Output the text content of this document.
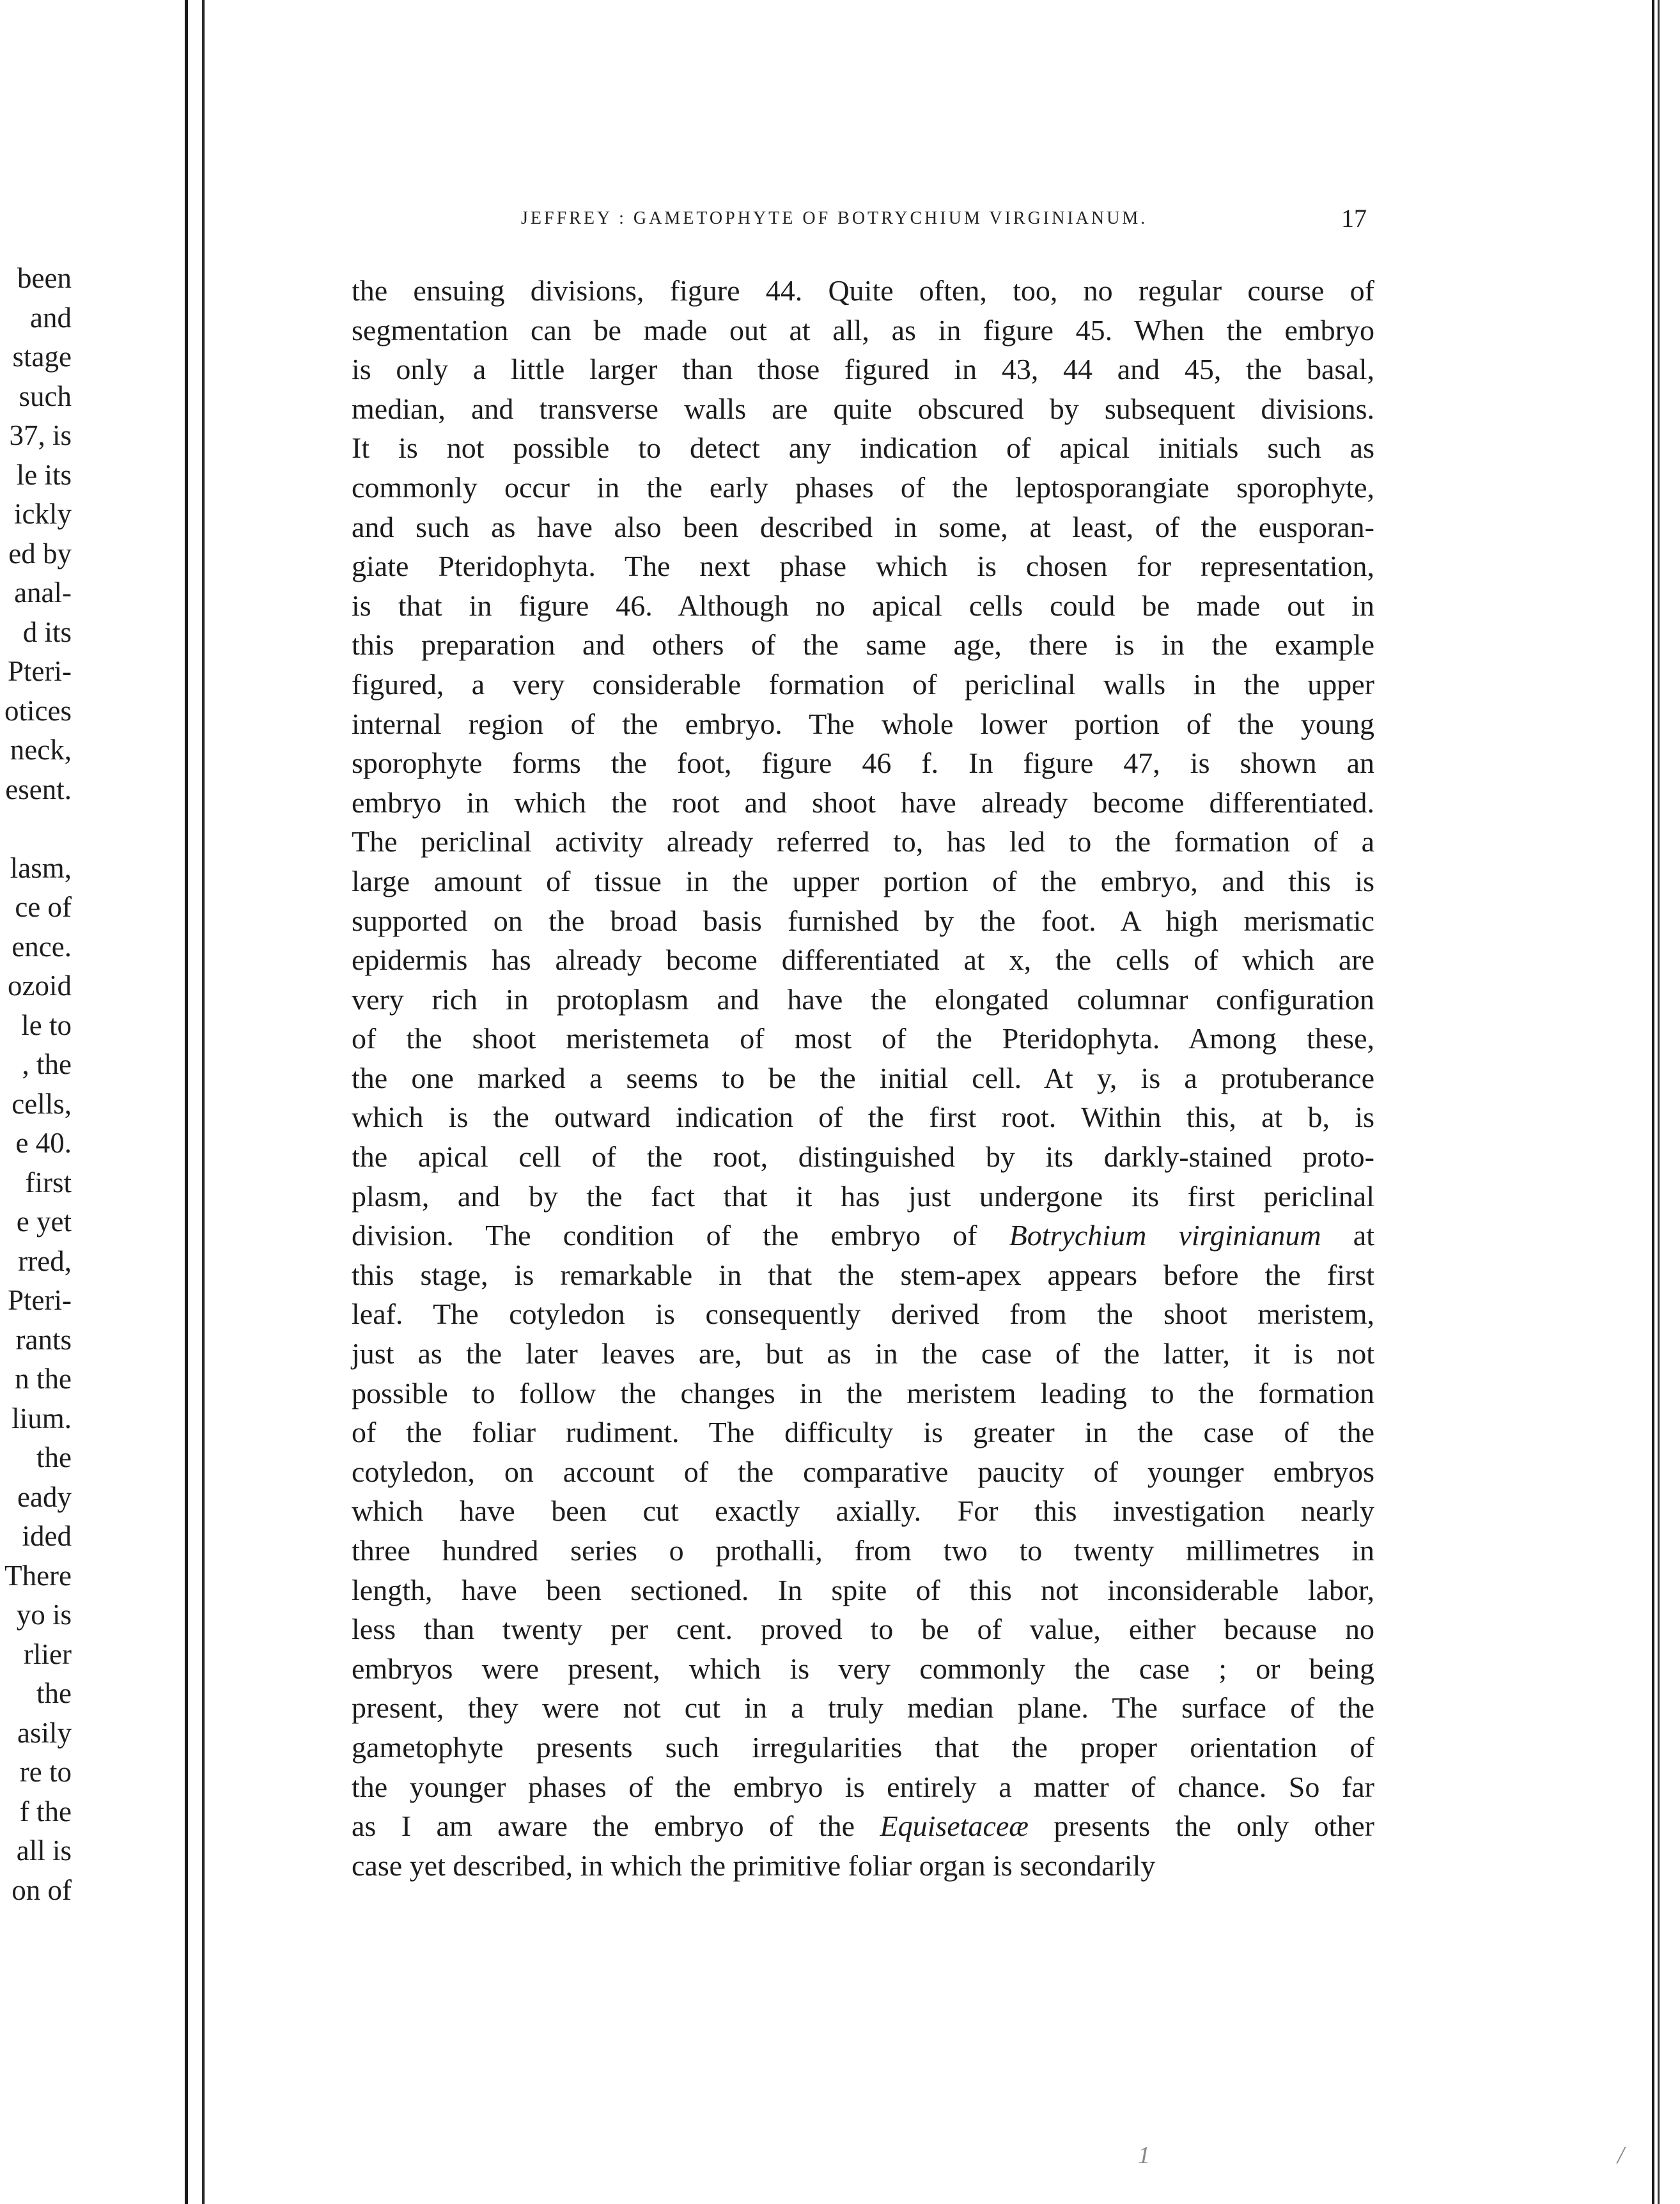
been
and
stage
such
37, is
le its
ickly
ed by
anal-
d its
Pteri-
otices
neck,
esent.

lasm,
ce of
ence.
ozoid
le to
, the
cells,
e 40.
first
e yet
rred,
Pteri-
rants
n the
lium.
the
eady
ided
There
yo is
rlier
the
asily
re to
f the
all is
on of
JEFFREY : GAMETOPHYTE OF BOTRYCHIUM VIRGINIANUM.	17
the ensuing divisions, figure 44. Quite often, too, no regular course of
segmentation can be made out at all, as in figure 45. When the embryo
is only a little larger than those figured in 43, 44 and 45, the basal,
median, and transverse walls are quite obscured by subsequent divisions.
It is not possible to detect any indication of apical initials such as
commonly occur in the early phases of the leptosporangiate sporophyte,
and such as have also been described in some, at least, of the eusporan-
giate Pteridophyta. The next phase which is chosen for representation,
is that in figure 46. Although no apical cells could be made out in
this preparation and others of the same age, there is in the example
figured, a very considerable formation of periclinal walls in the upper
internal region of the embryo. The whole lower portion of the young
sporophyte forms the foot, figure 46 f. In figure 47, is shown an
embryo in which the root and shoot have already become differentiated.
The periclinal activity already referred to, has led to the formation of a
large amount of tissue in the upper portion of the embryo, and this is
supported on the broad basis furnished by the foot. A high merismatic
epidermis has already become differentiated at x, the cells of which are
very rich in protoplasm and have the elongated columnar configuration
of the shoot meristemeta of most of the Pteridophyta. Among these,
the one marked a seems to be the initial cell. At y, is a protuberance
which is the outward indication of the first root. Within this, at b, is
the apical cell of the root, distinguished by its darkly-stained proto-
plasm, and by the fact that it has just undergone its first periclinal
division. The condition of the embryo of Botrychium virginianum at
this stage, is remarkable in that the stem-apex appears before the first
leaf. The cotyledon is consequently derived from the shoot meristem,
just as the later leaves are, but as in the case of the latter, it is not
possible to follow the changes in the meristem leading to the formation
of the foliar rudiment. The difficulty is greater in the case of the
cotyledon, on account of the comparative paucity of younger embryos
which have been cut exactly axially. For this investigation nearly
three hundred series o prothalli, from two to twenty millimetres in
length, have been sectioned. In spite of this not inconsiderable labor,
less than twenty per cent. proved to be of value, either because no
embryos were present, which is very commonly the case ; or being
present, they were not cut in a truly median plane. The surface of the
gametophyte presents such irregularities that the proper orientation of
the younger phases of the embryo is entirely a matter of chance. So far
as I am aware the embryo of the Equisetaceæ presents the only other
case yet described, in which the primitive foliar organ is secondarily
1	/
